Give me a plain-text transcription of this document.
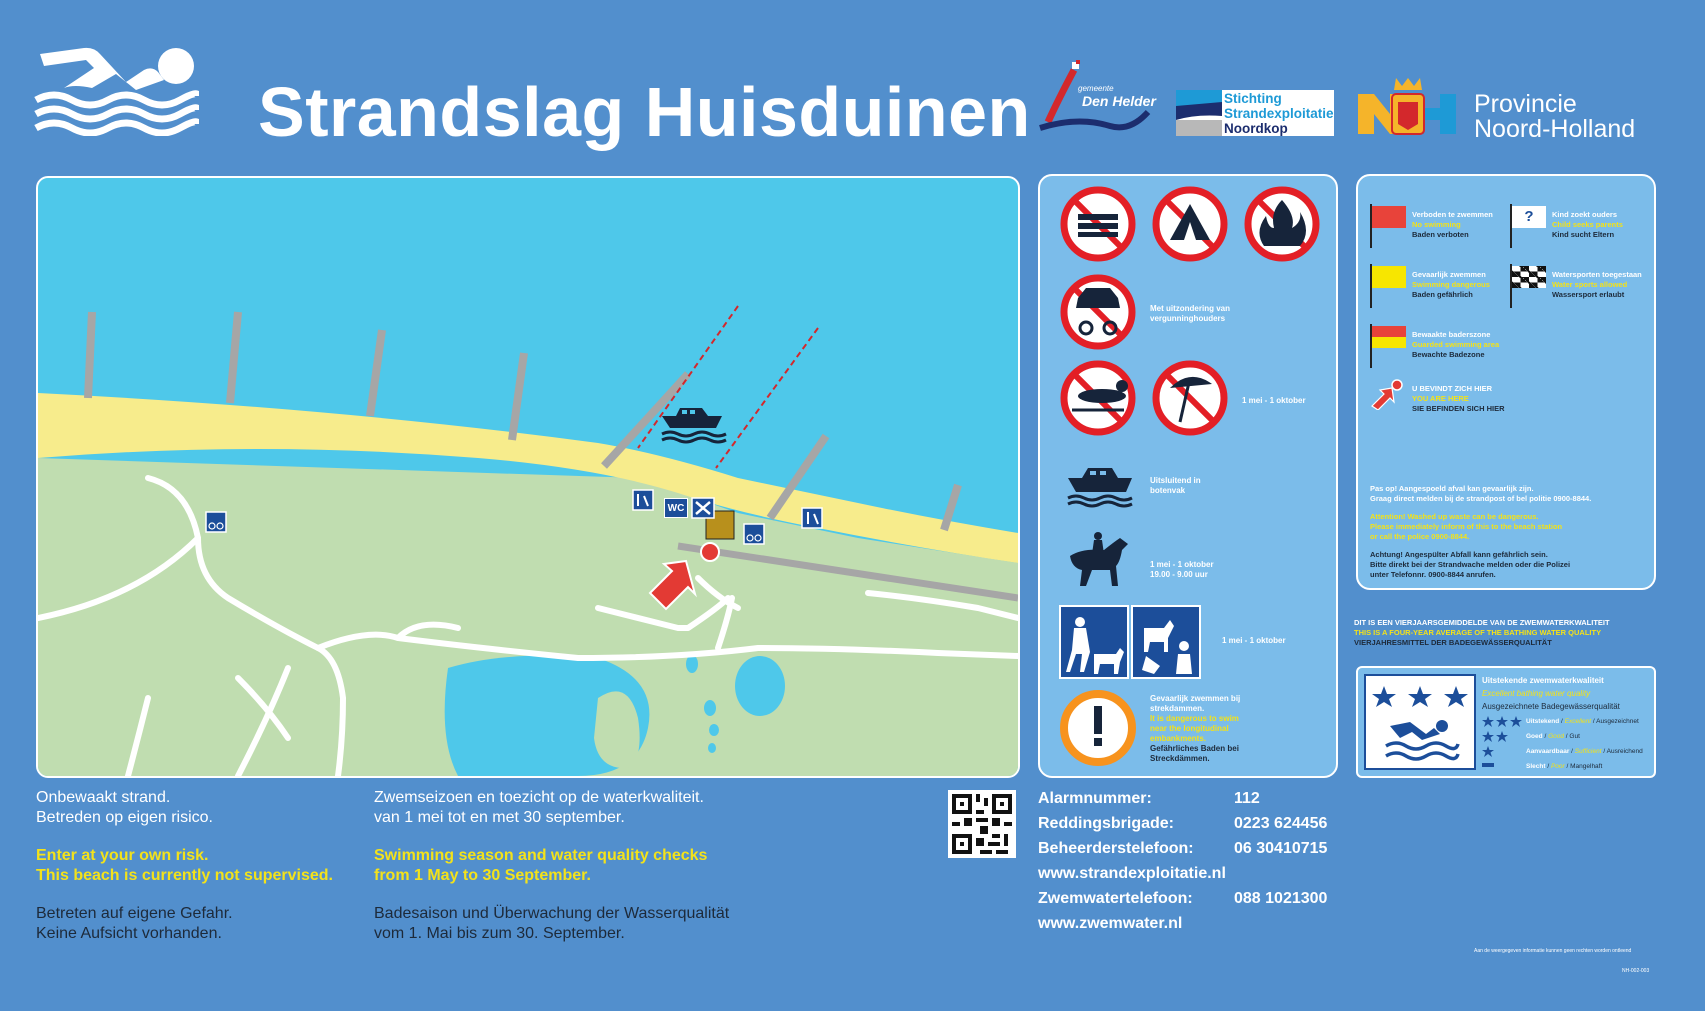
Strandslag Huisduinen	gemeente
Den Helder	Stichting
Strandexploitatie
Noordkop
Provincie
Noord-Holland
WC
Met uitzondering van
vergunninghouders
1 mei - 1 oktober
Uitsluitend in
botenvak
1 mei - 1 oktober
19.00 - 9.00 uur
1 mei - 1 oktober
Gevaarlijk zwemmen bij
strekdammen.
It is dangerous to swim
near the longitudinal
embankments.
Gefährliches Baden bei
Streckdämmen.
Verboden te zwemmen
No swimming
Baden verboten
?	Kind zoekt ouders
Child seeks parents
Kind sucht Eltern
Gevaarlijk zwemmen
Swimming dangerous
Baden gefährlich
Watersporten toegestaan
Water sports allowed
Wassersport erlaubt
Bewaakte baderszone
Guarded swimming area
Bewachte Badezone
U BEVINDT ZICH HIER
YOU ARE HERE
SIE BEFINDEN SICH HIER
Pas op! Aangespoeld afval kan gevaarlijk zijn.
Graag direct melden bij de strandpost of bel politie 0900-8844.
Attention! Washed up waste can be dangerous.
Please immediately inform of this to the beach station
or call the police 0900-8844.
Achtung! Angespülter Abfall kann gefährlich sein.
Bitte direkt bei der Strandwache melden oder die Polizei
unter Telefonnr. 0900-8844 anrufen.
DIT IS EEN VIERJAARSGEMIDDELDE VAN DE ZWEMWATERKWALITEIT
THIS IS A FOUR-YEAR AVERAGE OF THE BATHING WATER QUALITY
VIERJAHRESMITTEL DER BADEGEWÄSSERQUALITÄT
Uitstekende zwemwaterkwaliteit
Excellent bathing water quality
Ausgezeichnete Badegewässerqualität
Uitstekend / Excellent / Ausgezeichnet
Goed / Good / Gut
Aanvaardbaar / Sufficient / Ausreichend
Slecht / Poor / Mangelhaft
Onbewaakt strand.
Betreden op eigen risico.
Enter at your own risk.
This beach is currently not supervised.
Betreten auf eigene Gefahr.
Keine Aufsicht vorhanden.
Zwemseizoen en toezicht op de waterkwaliteit.
van 1 mei tot en met 30 september.
Swimming season and water quality checks
from 1 May to 30 September.
Badesaison und Überwachung der Wasserqualität
vom 1. Mai bis zum 30. September.
Alarmnummer:	112
Reddingsbrigade:	0223 624456
Beheerderstelefoon:	06 30410715
www.strandexploitatie.nl
Zwemwatertelefoon:	088 1021300
www.zwemwater.nl
Aan de weergegeven informatie kunnen geen rechten worden ontleend
NH-002-003
